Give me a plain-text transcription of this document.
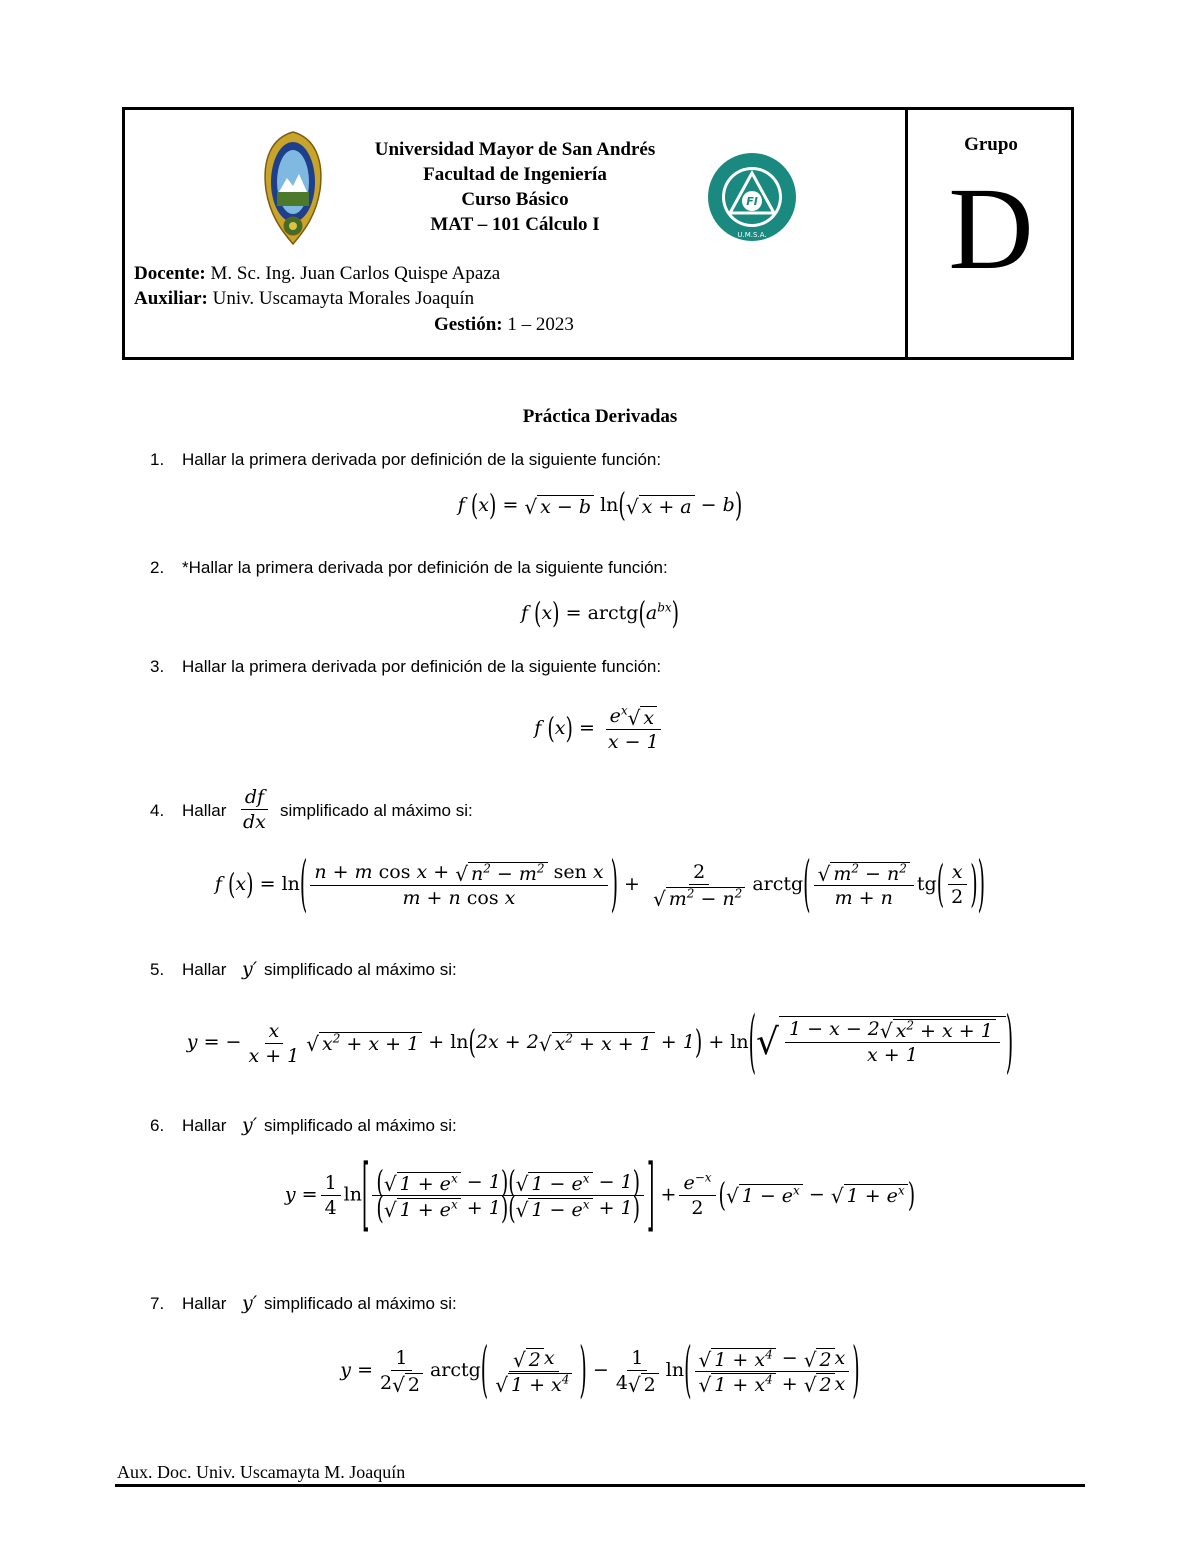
FI
U.M.S.A.
Universidad Mayor de San Andrés
Facultad de Ingeniería
Curso Básico
MAT – 101 Cálculo I
Docente: M. Sc. Ing. Juan Carlos Quispe Apaza
Auxiliar: Univ. Uscamayta Morales Joaquín
Gestión: 1 – 2023
Grupo
D
Práctica Derivadas
1. Hallar la primera derivada por definición de la siguiente función:
f (x) = √ x − b ln( √ x + a − b)
2. *Hallar la primera derivada por definición de la siguiente función:
f $(x) = arctg(a^{bx})$
3. Hallar la primera derivada por definición de la siguiente función:
f $(x) = \frac{e^x √ x}{x - 1}$
4. Hallar $\frac{df}{dx}$ simplificado al máximo si:
f $(x) = \ln( \frac{n + m \cos x + √ n^2 - m^2 sen x}{\text{m + n cos x}}$ ) + $\frac{2}{√ m^2 - n^2}$ arctg( $\frac{√ m^2 - n^2}{m + n} tg( \frac{x}{2}$ ))
5. Hallar y′ simplificado al máximo si:
y = − $\frac{x}{x + 1}$ √ $x^2 + x + 1 + \ln(2x + 2$ √ $x^2 + x + 1 + 1) + \ln$( √ $\frac{1 - x - 2 √ x^2 + x + 1}{x + 1}$ )
6. Hallar y′ simplificado al máximo si:
$y = \frac{1}{4} \ln[ \frac{( √ 1 + e^x - 1)( √ 1 - e^x - 1)}{( √ 1 + e^x + 1)( √ 1 - e^x + 1)}$ ] + $\frac{e^{-x}}{2}$ ( √ $1 - e^x$ − √ $1 + e^x$ )
7. Hallar y′ simplificado al máximo si:
$y = \frac{1}{2 √ 2}$ arctg( $\frac{√ 2 x}{√ 1 + x^4}$ ) − $\frac{1}{4 √ 2} \ln( \frac{√ 1 + x^4 - √ 2 x}{√ 1 + x^4 + √ 2 x}$ )
Aux. Doc. Univ. Uscamayta M. Joaquín
